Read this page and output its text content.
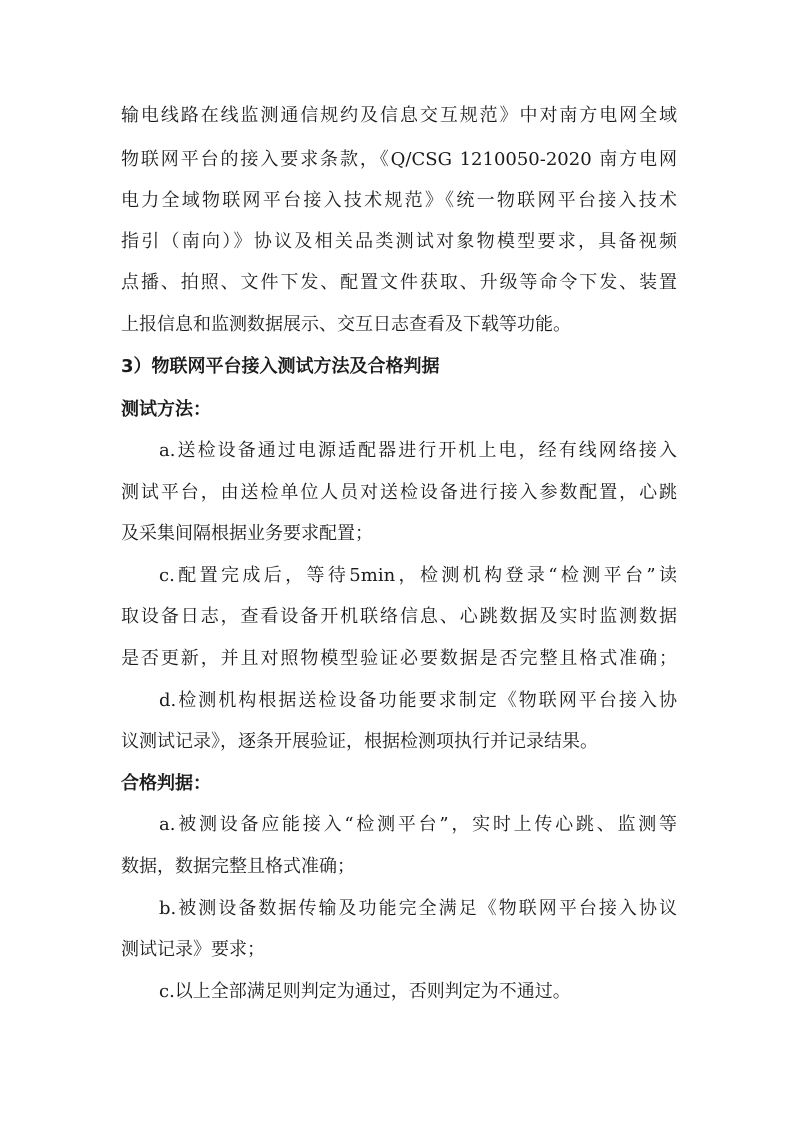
输电线路在线监测通信规约及信息交互规范》中对南方电网全域
物联网平台的接入要求条款，《Q/CSG 1210050-2020 南方电网
电力全域物联网平台接入技术规范》《统一物联网平台接入技术
指引（南向）》协议及相关品类测试对象物模型要求，具备视频
点播、拍照、文件下发、配置文件获取、升级等命令下发、装置
上报信息和监测数据展示、交互日志查看及下载等功能。
3）物联网平台接入测试方法及合格判据
测试方法：
a.送检设备通过电源适配器进行开机上电，经有线网络接入
测试平台，由送检单位人员对送检设备进行接入参数配置，心跳
及采集间隔根据业务要求配置；
c.配置完成后，等待5min，检测机构登录“检测平台”读
取设备日志，查看设备开机联络信息、心跳数据及实时监测数据
是否更新，并且对照物模型验证必要数据是否完整且格式准确；
d.检测机构根据送检设备功能要求制定《物联网平台接入协
议测试记录》，逐条开展验证，根据检测项执行并记录结果。
合格判据：
a.被测设备应能接入“检测平台”，实时上传心跳、监测等
数据，数据完整且格式准确；
b.被测设备数据传输及功能完全满足《物联网平台接入协议
测试记录》要求；
c.以上全部满足则判定为通过，否则判定为不通过。
